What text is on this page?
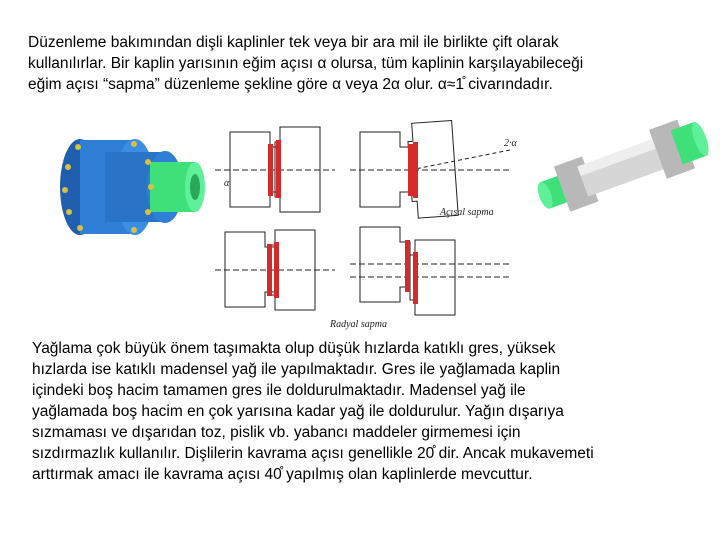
Düzenleme bakımından dişli kaplinler tek veya bir ara mil ile birlikte çift olarak
kullanılırlar. Bir kaplin yarısının eğim açısı α olursa, tüm kaplinin karşılayabileceği
eğim açısı “sapma” düzenleme şekline göre α veya 2α olur. α≈1̊ civarındadır.
Açısal sapma
Radyal sapma
α
2·α
Yağlama çok büyük önem taşımakta olup düşük hızlarda katıklı gres, yüksek
hızlarda ise katıklı madensel yağ ile yapılmaktadır. Gres ile yağlamada kaplin
içindeki boş hacim tamamen gres ile doldurulmaktadır. Madensel yağ ile
yağlamada boş hacim en çok yarısına kadar yağ ile doldurulur. Yağın dışarıya
sızmaması ve dışarıdan toz, pislik vb. yabancı maddeler girmemesi için
sızdırmazlık kullanılır. Dişlilerin kavrama açısı genellikle 20̊ dir. Ancak mukavemeti
arttırmak amacı ile kavrama açısı 40̊ yapılmış olan kaplinlerde mevcuttur.
